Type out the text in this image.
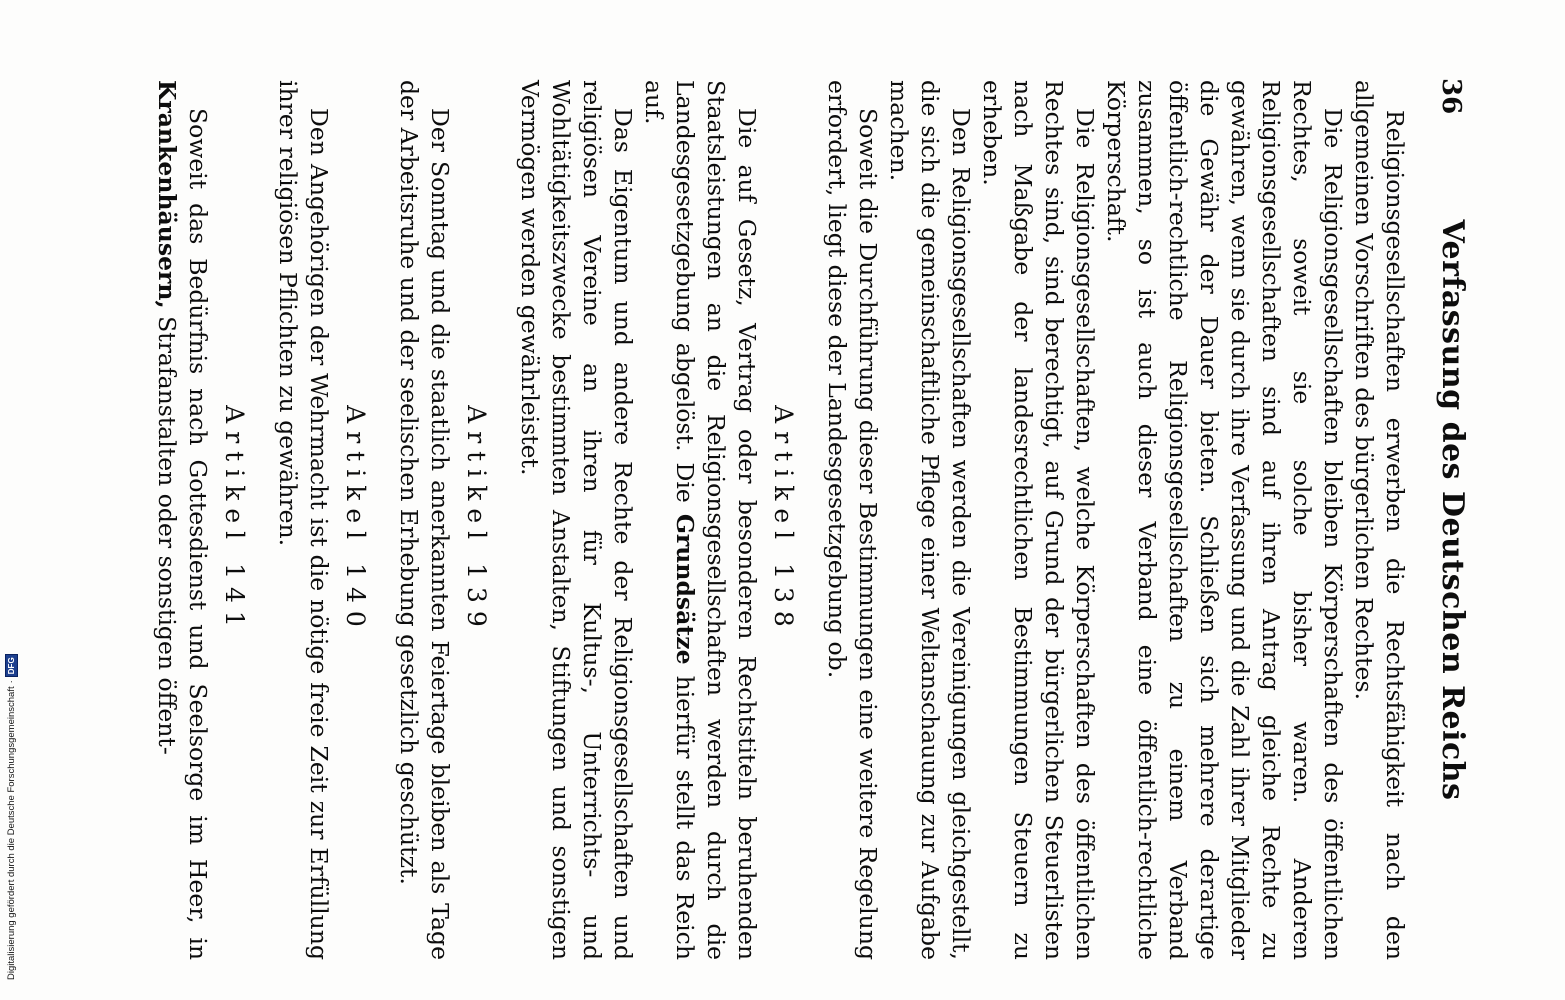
36
Verfassung des Deutschen Reichs

Religionsgesellschaften erwerben die Rechtsfähigkeit nach den allgemeinen Vorschriften des bürgerlichen Rechtes.

Die Religionsgesellschaften bleiben Körperschaften des öffentlichen Rechtes, soweit sie solche bisher waren. Anderen Religionsgesellschaften sind auf ihren Antrag gleiche Rechte zu gewähren, wenn sie durch ihre Verfassung und die Zahl ihrer Mitglieder die Gewähr der Dauer bieten. Schließen sich mehrere derartige öffentlich-rechtliche Religionsgesellschaften zu einem Verband zusammen, so ist auch dieser Verband eine öffentlich-rechtliche Körperschaft.

Die Religionsgesellschaften, welche Körperschaften des öffentlichen Rechtes sind, sind berechtigt, auf Grund der bürgerlichen Steuerlisten nach Maßgabe der landesrechtlichen Bestimmungen Steuern zu erheben.

Den Religionsgesellschaften werden die Vereinigungen gleichgestellt, die sich die gemeinschaftliche Pflege einer Weltanschauung zur Aufgabe machen.

Soweit die Durchführung dieser Bestimmungen eine weitere Regelung erfordert, liegt diese der Landesgesetzgebung ob.

Artikel 138

Die auf Gesetz, Vertrag oder besonderen Rechtstiteln beruhenden Staatsleistungen an die Religionsgesellschaften werden durch die Landesgesetzgebung abgelöst. Die Grundsätze hierfür stellt das Reich auf.

Das Eigentum und andere Rechte der Religionsgesellschaften und religiösen Vereine an ihren für Kultus-, Unterrichts- und Wohltätigkeitszwecke bestimmten Anstalten, Stiftungen und sonstigen Vermögen werden gewährleistet.

Artikel 139

Der Sonntag und die staatlich anerkannten Feiertage bleiben als Tage der Arbeitsruhe und der seelischen Erhebung gesetzlich geschützt.

Artikel 140

Den Angehörigen der Wehrmacht ist die nötige freie Zeit zur Erfüllung ihrer religiösen Pflichten zu gewähren.

Artikel 141

Soweit das Bedürfnis nach Gottesdienst und Seelsorge im Heer, in Krankenhäusern, Strafanstalten oder sonstigen öffent-

Digitalisierung gefördert durch die Deutsche Forschungsgemeinschaft
·
DFG
